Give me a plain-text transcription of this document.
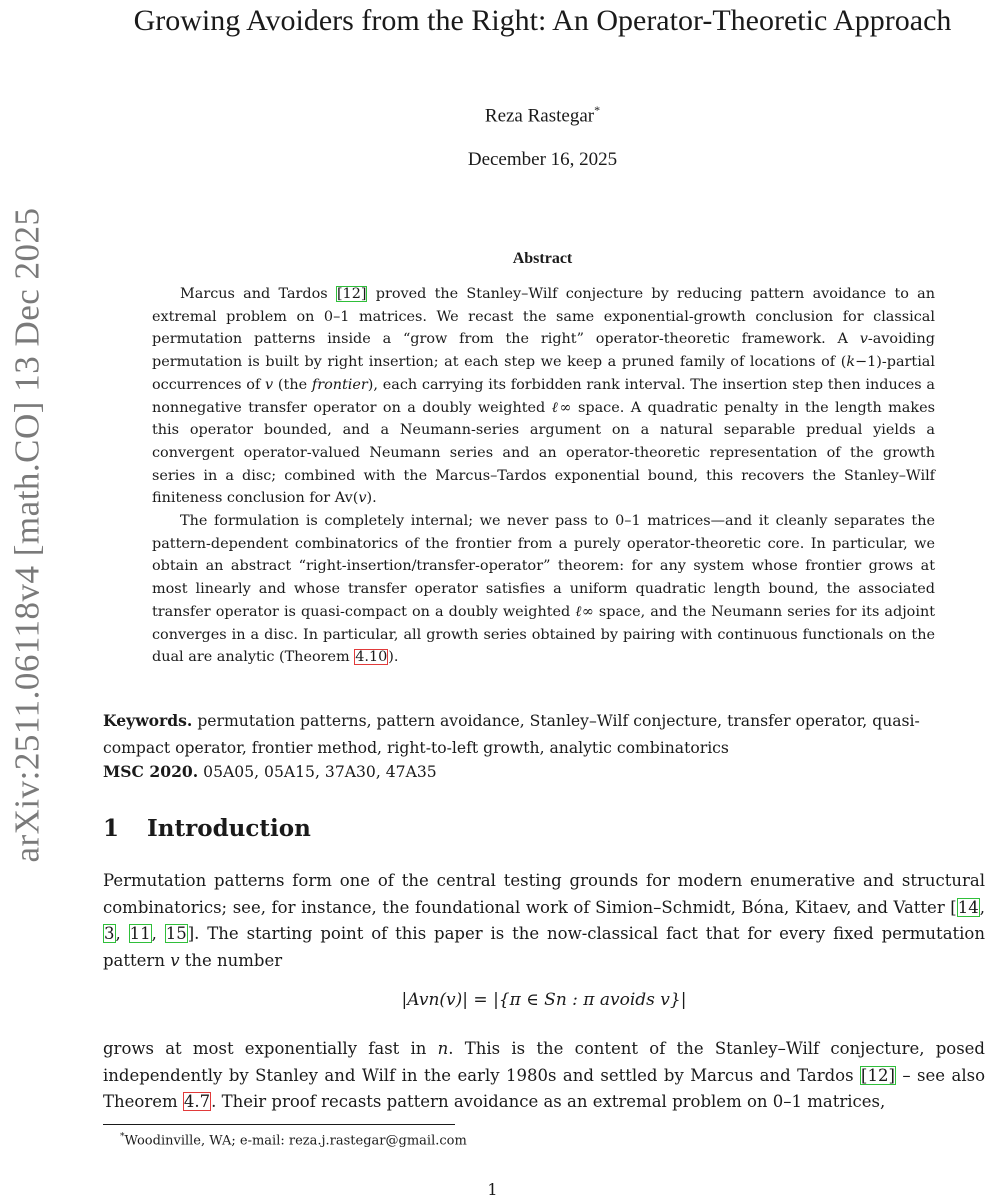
arXiv:2511.06118v4 [math.CO] 13 Dec 2025
Growing Avoiders from the Right: An Operator-Theoretic Approach
Reza Rastegar*
December 16, 2025
Abstract

Marcus and Tardos [12] proved the Stanley–Wilf conjecture by reducing pattern avoidance to an extremal problem on 0–1 matrices. We recast the same exponential-growth conclusion for classical permutation patterns inside a “grow from the right” operator-theoretic framework. A v-avoiding permutation is built by right insertion; at each step we keep a pruned family of locations of (k−1)-partial occurrences of v (the frontier), each carrying its forbidden rank interval. The insertion step then induces a nonnegative transfer operator on a doubly weighted ℓ∞ space. A quadratic penalty in the length makes this operator bounded, and a Neumann-series argument on a natural separable predual yields a convergent operator-valued Neumann series and an operator-theoretic representation of the growth series in a disc; combined with the Marcus–Tardos exponential bound, this recovers the Stanley–Wilf finiteness conclusion for Av(v).

The formulation is completely internal; we never pass to 0–1 matrices—and it cleanly separates the pattern-dependent combinatorics of the frontier from a purely operator-theoretic core. In particular, we obtain an abstract “right-insertion/transfer-operator” theorem: for any system whose frontier grows at most linearly and whose transfer operator satisfies a uniform quadratic length bound, the associated transfer operator is quasi-compact on a doubly weighted ℓ∞ space, and the Neumann series for its adjoint converges in a disc. In particular, all growth series obtained by pairing with continuous functionals on the dual are analytic (Theorem 4.10).

Keywords. permutation patterns, pattern avoidance, Stanley–Wilf conjecture, transfer operator, quasi-compact operator, frontier method, right-to-left growth, analytic combinatorics

MSC 2020. 05A05, 05A15, 37A30, 47A35

1 Introduction

Permutation patterns form one of the central testing grounds for modern enumerative and structural combinatorics; see, for instance, the foundational work of Simion–Schmidt, Bóna, Kitaev, and Vatter [14, 3, 11, 15]. The starting point of this paper is the now-classical fact that for every fixed permutation pattern v the number

|Avn(v)| = |{π ∈ Sn : π avoids v}|

grows at most exponentially fast in n. This is the content of the Stanley–Wilf conjecture, posed independently by Stanley and Wilf in the early 1980s and settled by Marcus and Tardos [12] – see also Theorem 4.7. Their proof recasts pattern avoidance as an extremal problem on 0–1 matrices,

*Woodinville, WA; e-mail: reza.j.rastegar@gmail.com
1
